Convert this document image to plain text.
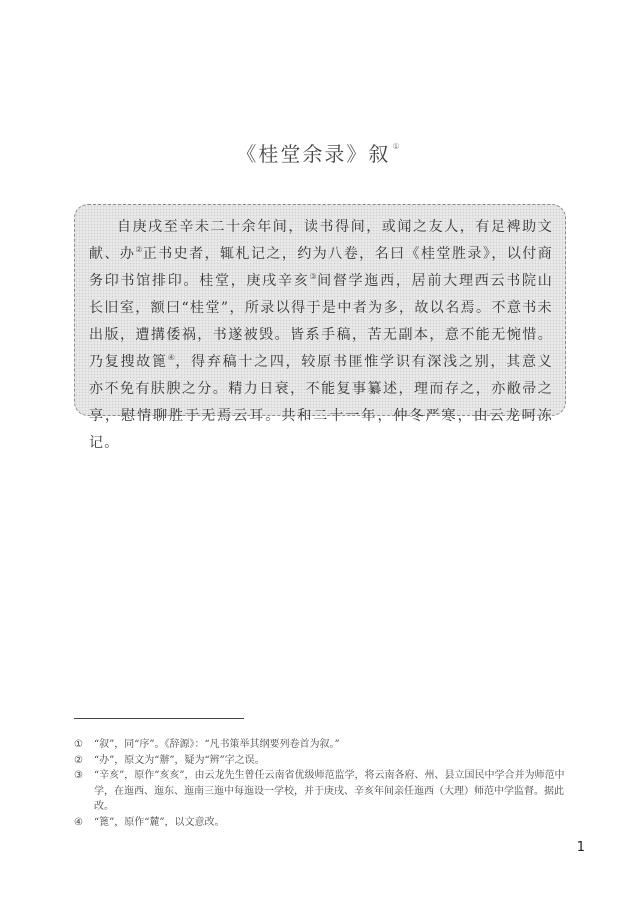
《桂堂余录》叙 ①

自庚戌至辛未二十余年间，读书得间，或闻之友人，有足裨助文献、办②正书史者，辄札记之，约为八卷，名曰《桂堂胜录》，以付商务印书馆排印。桂堂，庚戌辛亥③间督学迤西，居前大理西云书院山长旧室，额曰“桂堂”，所录以得于是中者为多，故以名焉。不意书未出版，遭搆倭祸，书遂被毁。皆系手稿，苦无副本，意不能无惋惜。乃复搜故篦④，得弃稿十之四，较原书匪惟学识有深浅之别，其意义亦不免有肤腴之分。精力日衰，不能复事纂述，理而存之，亦敝帚之享，慰情聊胜于无焉云耳。共和二十一年，仲冬严寒，由云龙呵冻记。

①	“叙”，同“序”。《辞源》：“凡书策举其纲要列卷首为叙。”
②	“办”，原文为“辦”，疑为“辨”字之误。
③	“辛亥”，原作“亥亥”，由云龙先生曾任云南省优级师范监学，将云南各府、州、县立国民中学合并为师范中学，在迤西、迤东、迤南三迤中每迤设一学校，并于庚戌、辛亥年间亲任迤西（大理）师范中学监督。据此改。
④	“篦”，原作“麓”，以文意改。
1
